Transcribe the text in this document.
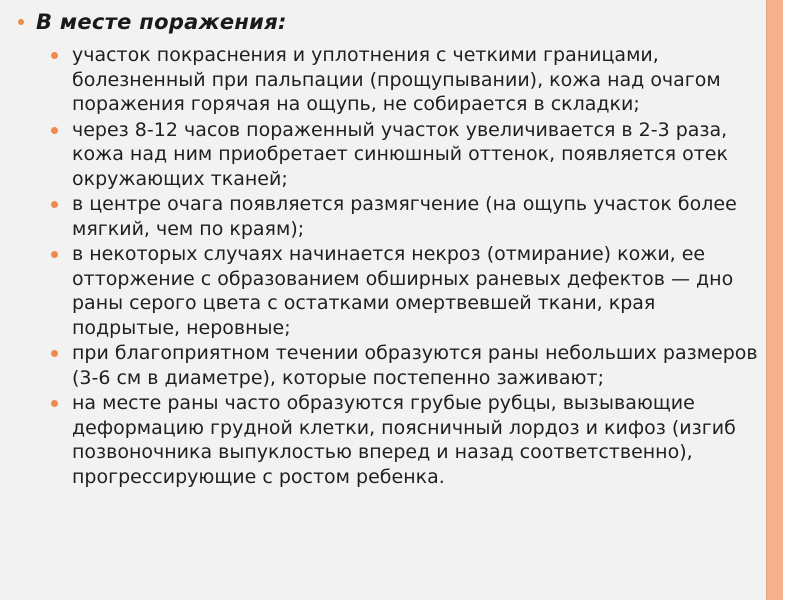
В месте поражения:
участок покраснения и уплотнения с четкими границами, болезненный при пальпации (прощупывании), кожа над очагом поражения горячая на ощупь, не собирается в складки;
через 8-12 часов пораженный участок увеличивается в 2-3 раза, кожа над ним приобретает синюшный оттенок, появляется отек окружающих тканей;
в центре очага появляется размягчение (на ощупь участок более мягкий, чем по краям);
в некоторых случаях начинается некроз (отмирание) кожи, ее отторжение с образованием обширных раневых дефектов — дно раны серого цвета с остатками омертвевшей ткани, края подрытые, неровные;
при благоприятном течении образуются раны небольших размеров (3-6 см в диаметре), которые постепенно заживают;
на месте раны часто образуются грубые рубцы, вызывающие деформацию грудной клетки, поясничный лордоз и кифоз (изгиб позвоночника выпуклостью вперед и назад соответственно), прогрессирующие с ростом ребенка.
